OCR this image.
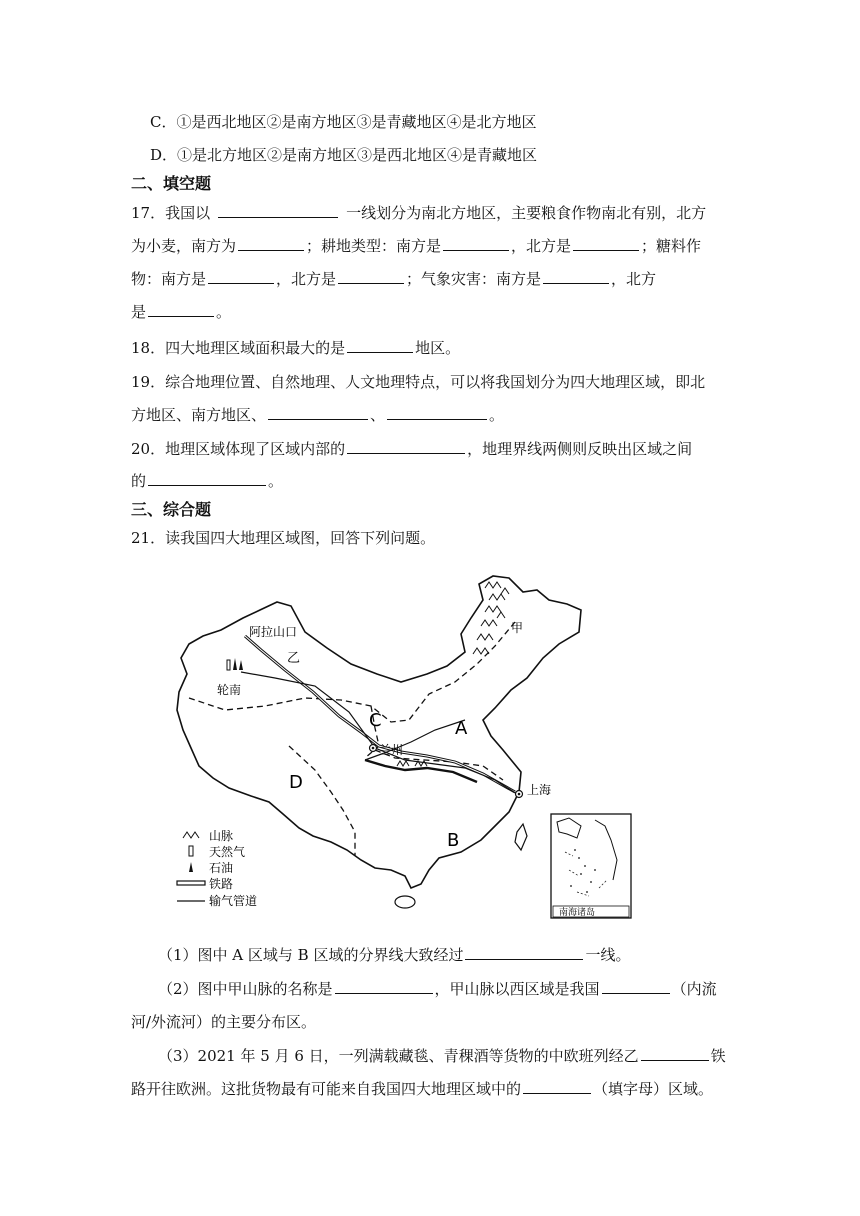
C．①是西北地区②是南方地区③是青藏地区④是北方地区
D．①是北方地区②是南方地区③是西北地区④是青藏地区
二、填空题
17．我国以	一线划分为南北方地区，主要粮食作物南北有别，北方
为小麦，南方为	；耕地类型：南方是	，北方是	；糖料作
物：南方是	，北方是	；气象灾害：南方是	，北方
是	。
18．四大地理区域面积最大的是	地区。
19．综合地理位置、自然地理、人文地理特点，可以将我国划分为四大地理区域，即北
方地区、南方地区、	、	。
20．地理区域体现了区域内部的	，地理界线两侧则反映出区域之间
的	。
三、综合题
21．读我国四大地理区域图，回答下列问题。
阿拉山口
乙
甲
轮南
兰州
上海
A
B
C
D
山脉
天然气
石油
铁路
输气管道
南海诸岛
（1）图中 A 区域与 B 区域的分界线大致经过	一线。
（2）图中甲山脉的名称是	，甲山脉以西区域是我国	（内流
河/外流河）的主要分布区。
（3）2021 年 5 月 6 日，一列满载藏毯、青稞酒等货物的中欧班列经乙	铁
路开往欧洲。这批货物最有可能来自我国四大地理区域中的	（填字母）区域。
